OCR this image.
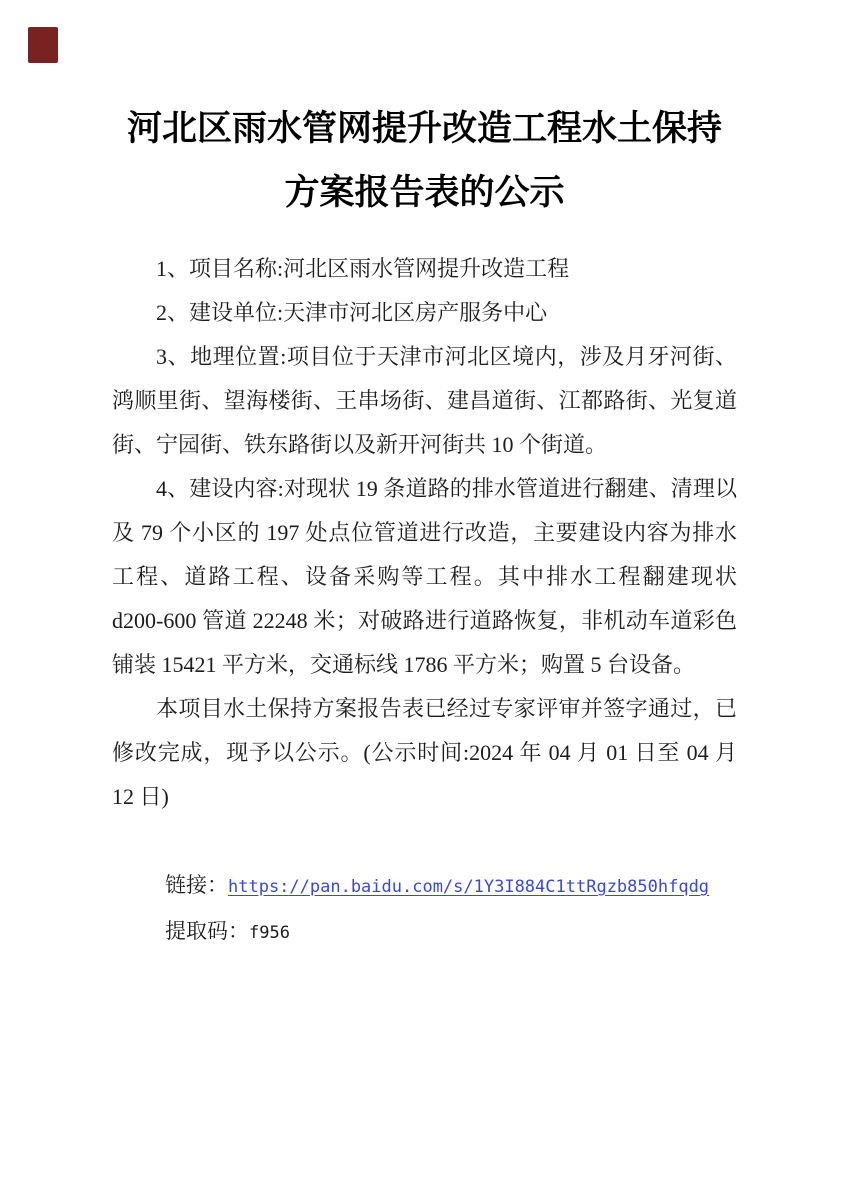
河北区雨水管网提升改造工程水土保持
方案报告表的公示

1、项目名称:河北区雨水管网提升改造工程

2、建设单位:天津市河北区房产服务中心

3、地理位置:项目位于天津市河北区境内，涉及月牙河街、鸿顺里街、望海楼街、王串场街、建昌道街、江都路街、光复道街、宁园街、铁东路街以及新开河街共 10 个街道。

4、建设内容:对现状 19 条道路的排水管道进行翻建、清理以及 79 个小区的 197 处点位管道进行改造，主要建设内容为排水工程、道路工程、设备采购等工程。其中排水工程翻建现状 d200-600 管道 22248 米；对破路进行道路恢复，非机动车道彩色铺装 15421 平方米，交通标线 1786 平方米；购置 5 台设备。

本项目水土保持方案报告表已经过专家评审并签字通过，已修改完成，现予以公示。(公示时间:2024 年 04 月 01 日至 04 月 12 日)

链接：https://pan.baidu.com/s/1Y3I884C1ttRgzb850hfqdg
提取码：f956
